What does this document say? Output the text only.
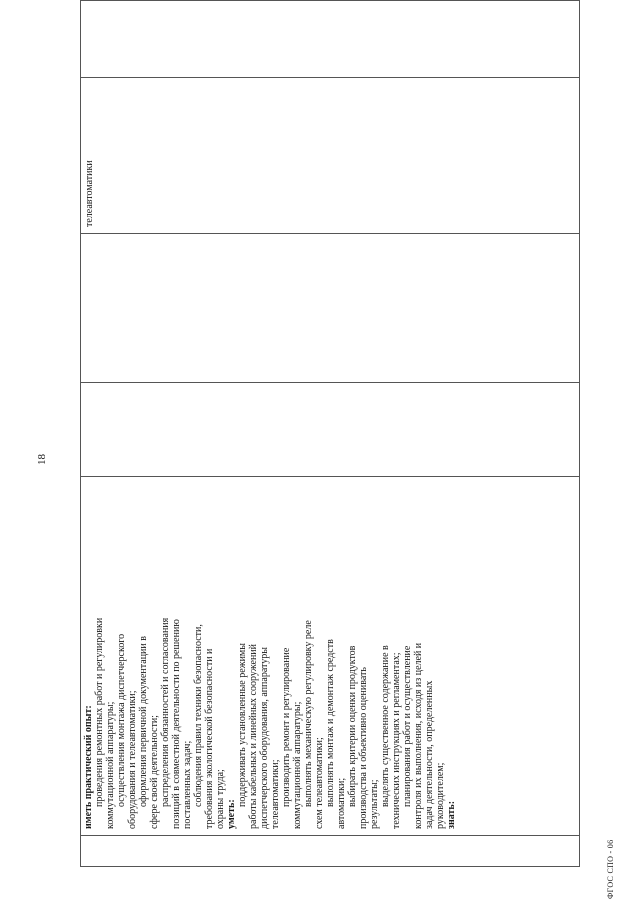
18

иметь практический опыт: проведения ремонтных работ и регулировки коммутационной аппаратуры; осуществления монтажа диспетчерского оборудования и телеавтоматики; оформления первичной документации в сфере своей деятельности; распределения обязанностей и согласования позиций в совместной деятельности по решению поставленных задач; соблюдения правил техники безопасности, требования экологической безопасности и охраны труда; уметь:
поддерживать установленные режимы работы кабельных и линейных сооружений диспетчерского оборудования, аппаратуры телеавтоматики; производить ремонт и регулирование коммутационной аппаратуры; выполнять механическую регулировку реле схем телеавтоматики; выполнять монтаж и демонтаж средств автоматики; выбирать критерии оценки продуктов производства и объективно оценивать результаты; выделять существенное содержание в технических инструкциях и регламентах; планирования работ и осуществление контроля их выполнения, исходя из целей и задач деятельности, определенных руководителем; знать:

телеавтоматики

ФГОС СПО - 06
